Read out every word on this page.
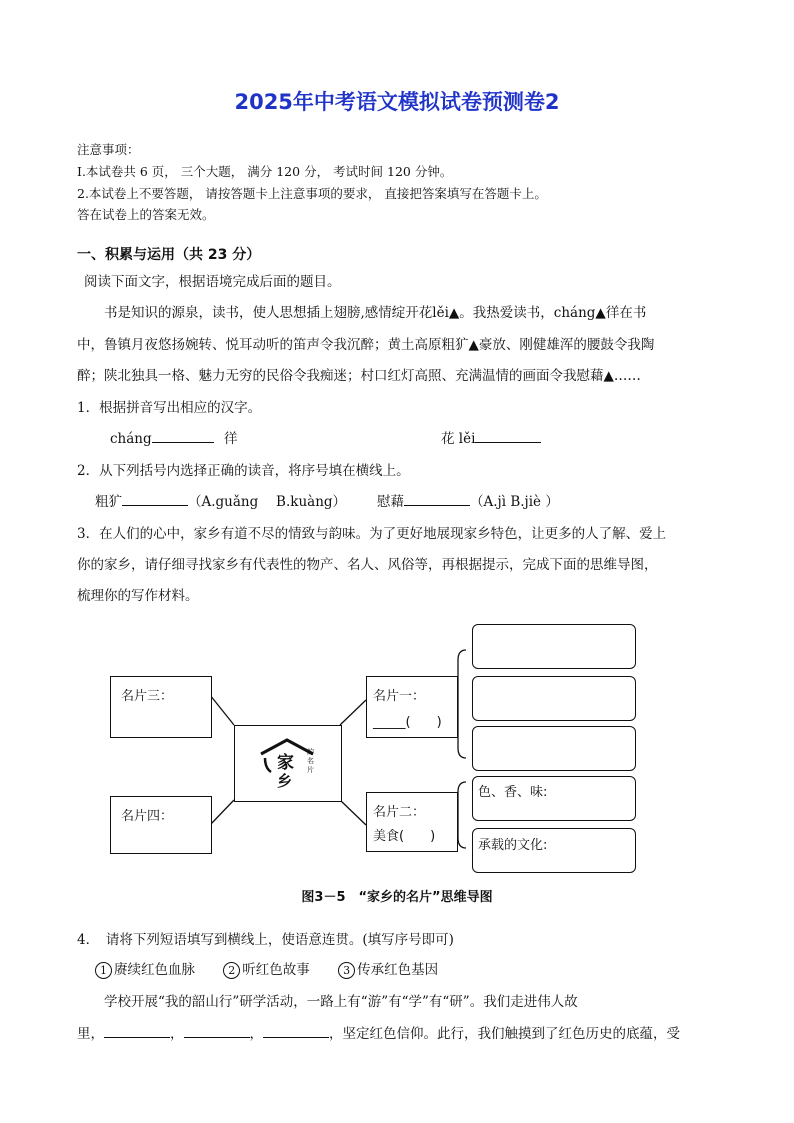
2025年中考语文模拟试卷预测卷2
注意事项：
I.本试卷共 6 页， 三个大题， 满分 120 分， 考试时间 120 分钟。
2.本试卷上不要答题， 请按答题卡上注意事项的要求， 直接把答案填写在答题卡上。
答在试卷上的答案无效。
一、积累与运用（共 23 分）
阅读下面文字，根据语境完成后面的题目。
书是知识的源泉，读书，使人思想插上翅膀,感情绽开花lěi▲。我热爱读书，cháng▲徉在书
中，鲁镇月夜悠扬婉转、悦耳动听的笛声令我沉醉；黄土高原粗犷▲豪放、刚健雄浑的腰鼓令我陶
醉；陕北独具一格、魅力无穷的民俗令我痴迷；村口红灯高照、充满温情的画面令我慰藉▲……
1．根据拼音写出相应的汉字。
cháng	徉	花 lěi
2．从下列括号内选择正确的读音，将序号填在横线上。
粗犷	（A.guǎng　 B.kuàng） 慰藉	（A.jì B.jiè ）
3．在人们的心中，家乡有道不尽的情致与韵味。为了更好地展现家乡特色，让更多的人了解、爱上
你的家乡，请仔细寻找家乡有代表性的物产、名人、风俗等，再根据提示，完成下面的思维导图，
梳理你的写作材料。
名片三：
名片四：
家
乡
的名片
名片一：
_____(　　)
名片二：
美食(　　)
色、香、味:
承载的文化:
图3－5　“家乡的名片”思维导图
4．　请将下列短语填写到横线上，使语意连贯。(填写序号即可)
1 赓续红色血脉	2 听红色故事	3 传承红色基因
学校开展“我的韶山行”研学活动，一路上有“游”有“学”有“研”。我们走进伟人故
里，	，	，	，坚定红色信仰。此行，我们触摸到了红色历史的底蕴，受
